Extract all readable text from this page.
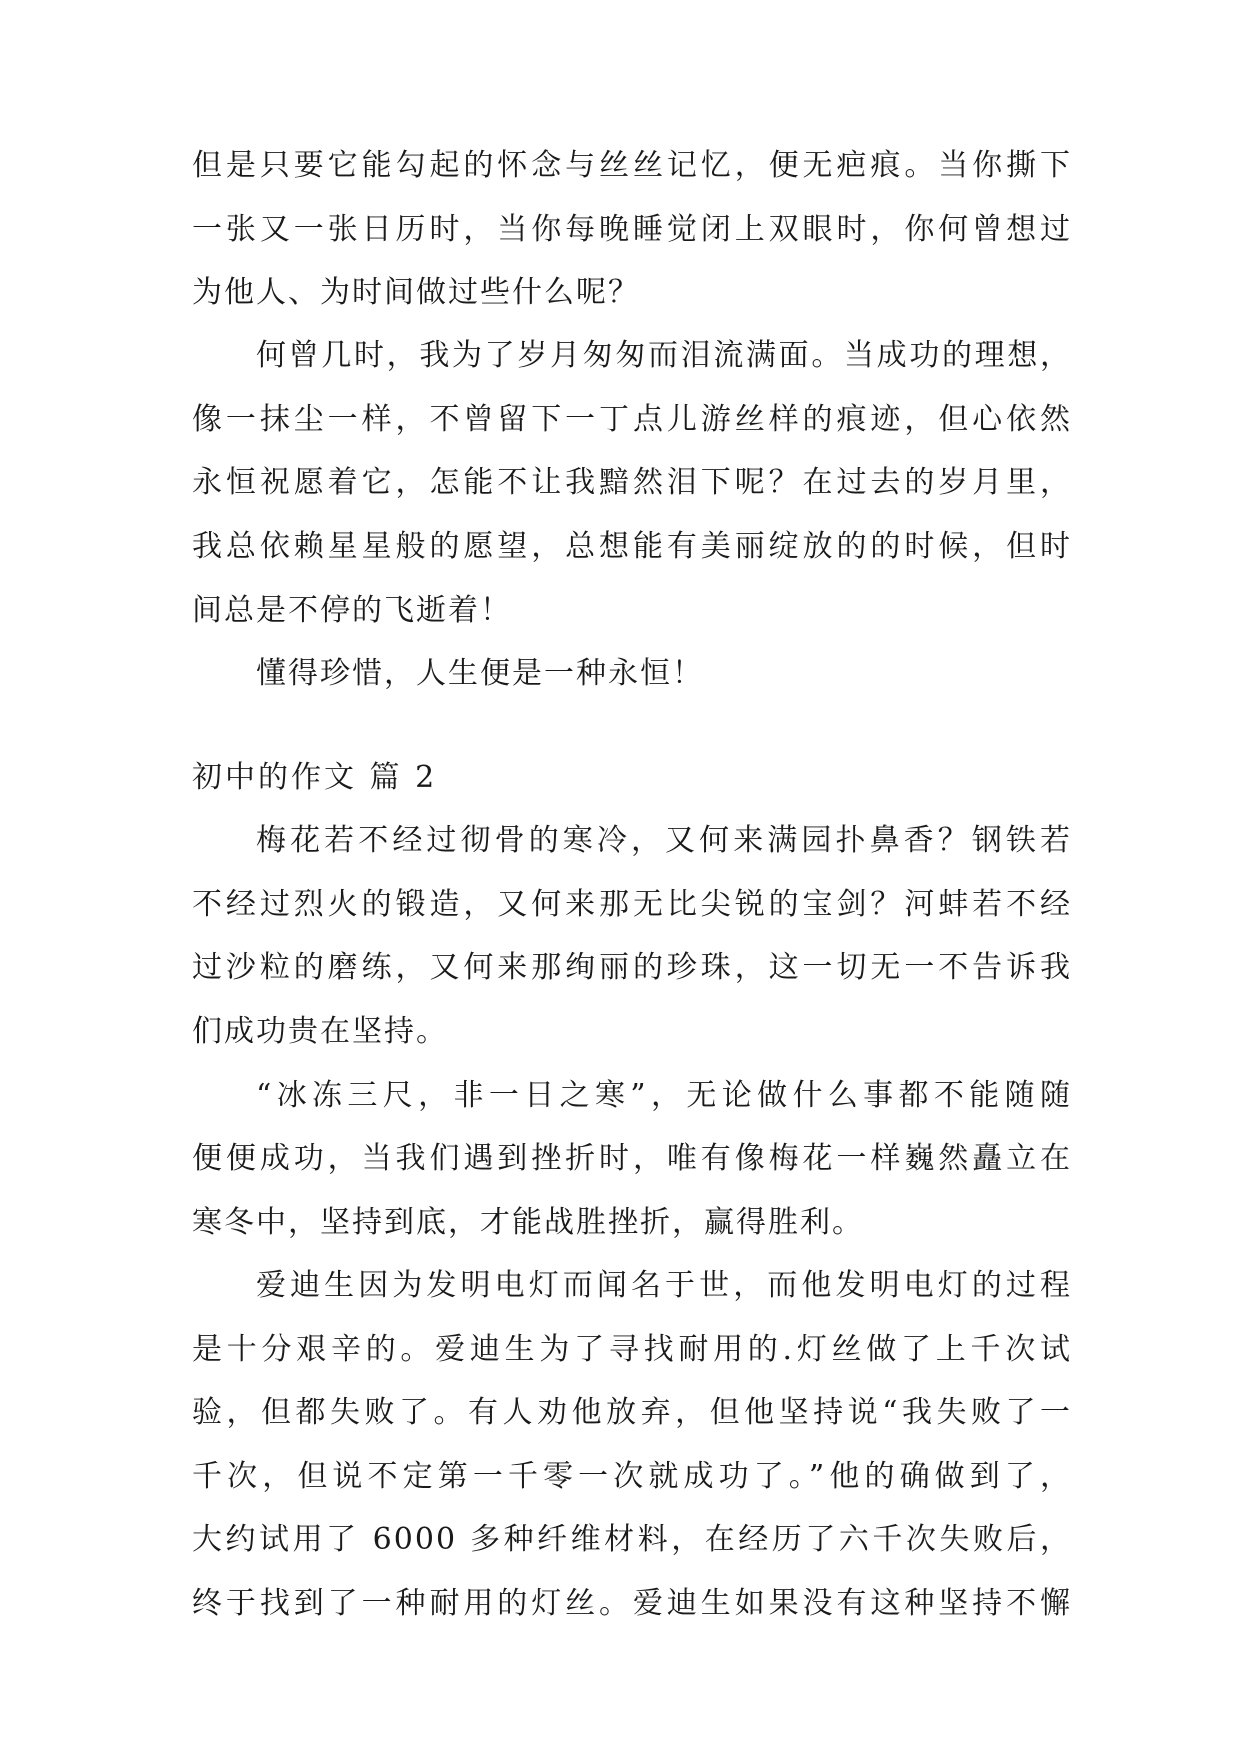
但是只要它能勾起的怀念与丝丝记忆，便无疤痕。当你撕下
一张又一张日历时，当你每晚睡觉闭上双眼时，你何曾想过
为他人、为时间做过些什么呢？
何曾几时，我为了岁月匆匆而泪流满面。当成功的理想，
像一抹尘一样，不曾留下一丁点儿游丝样的痕迹，但心依然
永恒祝愿着它，怎能不让我黯然泪下呢？在过去的岁月里，
我总依赖星星般的愿望，总想能有美丽绽放的的时候，但时
间总是不停的飞逝着！
懂得珍惜，人生便是一种永恒！
初中的作文 篇 2
梅花若不经过彻骨的寒冷，又何来满园扑鼻香？钢铁若
不经过烈火的锻造，又何来那无比尖锐的宝剑？河蚌若不经
过沙粒的磨练，又何来那绚丽的珍珠，这一切无一不告诉我
们成功贵在坚持。
“冰冻三尺，非一日之寒”，无论做什么事都不能随随
便便成功，当我们遇到挫折时，唯有像梅花一样巍然矗立在
寒冬中，坚持到底，才能战胜挫折，赢得胜利。
爱迪生因为发明电灯而闻名于世，而他发明电灯的过程
是十分艰辛的。爱迪生为了寻找耐用的.灯丝做了上千次试
验，但都失败了。有人劝他放弃，但他坚持说“我失败了一
千次，但说不定第一千零一次就成功了。”他的确做到了，
大约试用了 6000 多种纤维材料，在经历了六千次失败后，
终于找到了一种耐用的灯丝。爱迪生如果没有这种坚持不懈
